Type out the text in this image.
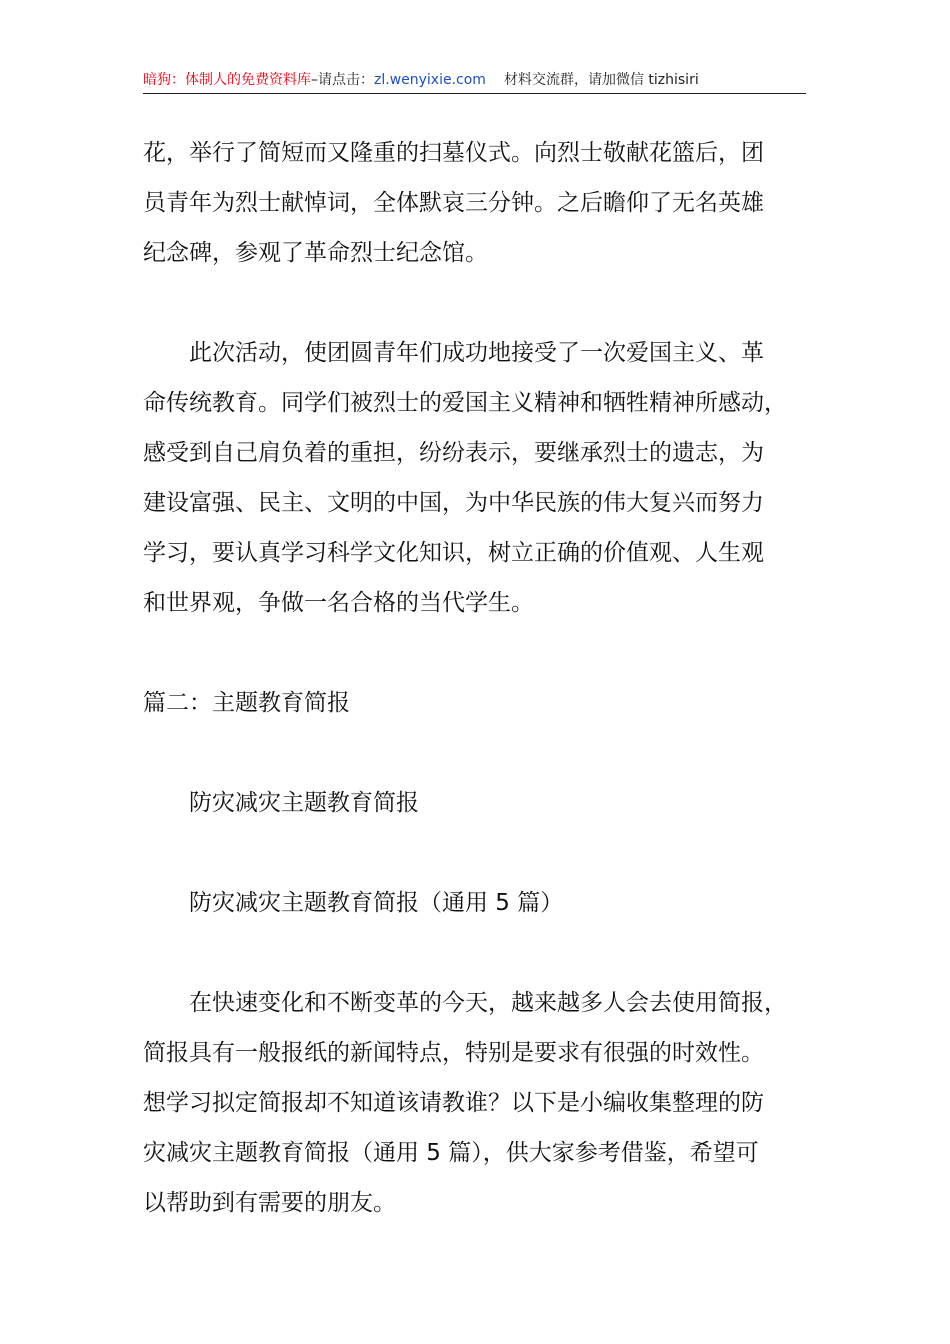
暗狗：体制人的免费资料库–请点击：zl.wenyixie.com 材料交流群，请加微信 tizhisiri

花，举行了简短而又隆重的扫墓仪式。向烈士敬献花篮后，团

员青年为烈士献悼词，全体默哀三分钟。之后瞻仰了无名英雄

纪念碑，参观了革命烈士纪念馆。

此次活动，使团圆青年们成功地接受了一次爱国主义、革

命传统教育。同学们被烈士的爱国主义精神和牺牲精神所感动，

感受到自己肩负着的重担，纷纷表示，要继承烈士的遗志，为

建设富强、民主、文明的中国，为中华民族的伟大复兴而努力

学习，要认真学习科学文化知识，树立正确的价值观、人生观

和世界观，争做一名合格的当代学生。

篇二：主题教育简报

防灾减灾主题教育简报

防灾减灾主题教育简报（通用 5 篇）

在快速变化和不断变革的今天，越来越多人会去使用简报，

简报具有一般报纸的新闻特点，特别是要求有很强的时效性。

想学习拟定简报却不知道该请教谁？以下是小编收集整理的防

灾减灾主题教育简报（通用 5 篇），供大家参考借鉴，希望可

以帮助到有需要的朋友。
